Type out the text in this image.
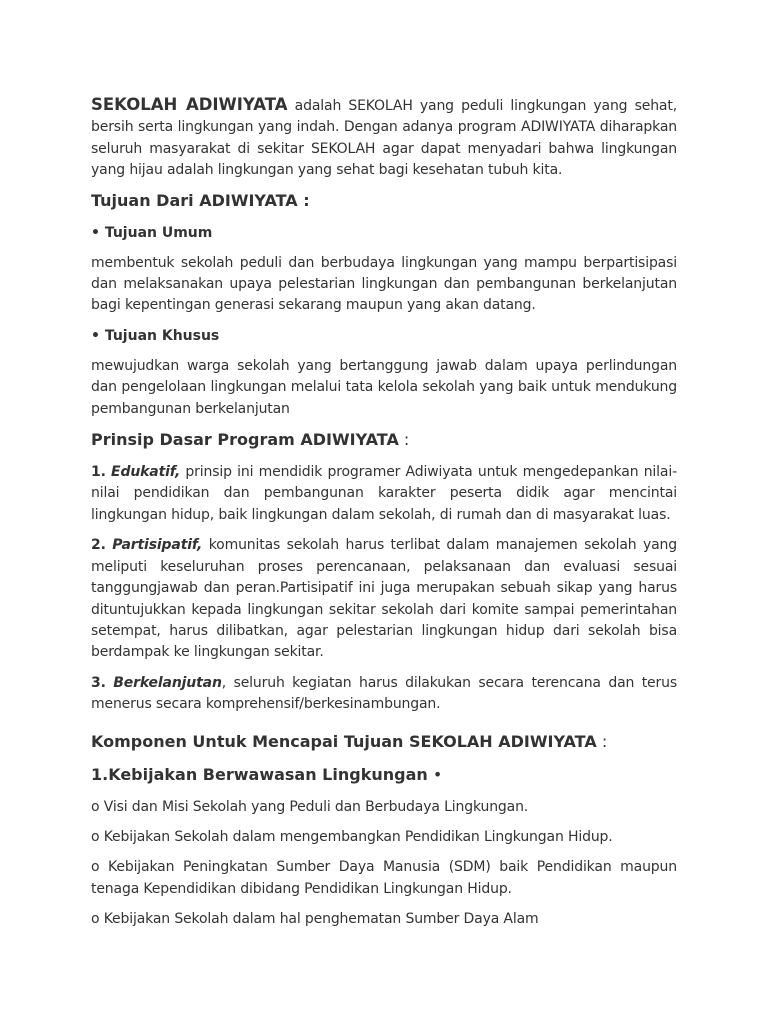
SEKOLAH ADIWIYATA adalah SEKOLAH yang peduli lingkungan yang sehat, bersih serta lingkungan yang indah. Dengan adanya program ADIWIYATA diharapkan seluruh masyarakat di sekitar SEKOLAH agar dapat menyadari bahwa lingkungan yang hijau adalah lingkungan yang sehat bagi kesehatan tubuh kita.

Tujuan Dari ADIWIYATA :
• Tujuan Umum

membentuk sekolah peduli dan berbudaya lingkungan yang mampu berpartisipasi dan melaksanakan upaya pelestarian lingkungan dan pembangunan berkelanjutan bagi kepentingan generasi sekarang maupun yang akan datang.

• Tujuan Khusus

mewujudkan warga sekolah yang bertanggung jawab dalam upaya perlindungan dan pengelolaan lingkungan melalui tata kelola sekolah yang baik untuk mendukung pembangunan berkelanjutan

Prinsip Dasar Program ADIWIYATA :

1. Edukatif, prinsip ini mendidik programer Adiwiyata untuk mengedepankan nilai-nilai pendidikan dan pembangunan karakter peserta didik agar mencintai lingkungan hidup, baik lingkungan dalam sekolah, di rumah dan di masyarakat luas.

2. Partisipatif, komunitas sekolah harus terlibat dalam manajemen sekolah yang meliputi keseluruhan proses perencanaan, pelaksanaan dan evaluasi sesuai tanggungjawab dan peran.Partisipatif ini juga merupakan sebuah sikap yang harus dituntujukkan kepada lingkungan sekitar sekolah dari komite sampai pemerintahan setempat, harus dilibatkan, agar pelestarian lingkungan hidup dari sekolah bisa berdampak ke lingkungan sekitar.

3. Berkelanjutan, seluruh kegiatan harus dilakukan secara terencana dan terus menerus secara komprehensif/berkesinambungan.

Komponen Untuk Mencapai Tujuan SEKOLAH ADIWIYATA :
1.Kebijakan Berwawasan Lingkungan •
o Visi dan Misi Sekolah yang Peduli dan Berbudaya Lingkungan.
o Kebijakan Sekolah dalam mengembangkan Pendidikan Lingkungan Hidup.
o Kebijakan Peningkatan Sumber Daya Manusia (SDM) baik Pendidikan maupun tenaga Kependidikan dibidang Pendidikan Lingkungan Hidup.
o Kebijakan Sekolah dalam hal penghematan Sumber Daya Alam
